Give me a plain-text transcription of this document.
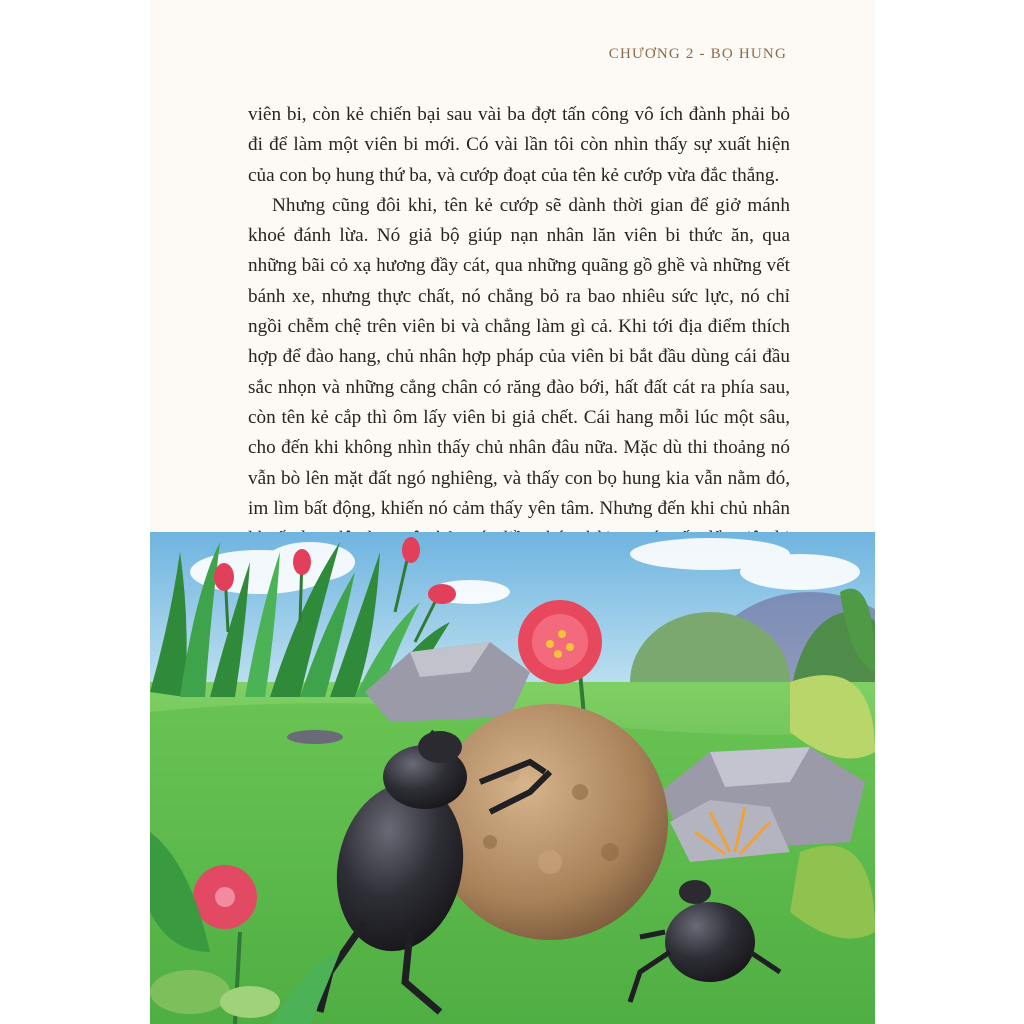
CHƯƠNG 2 - BỌ HUNG

viên bi, còn kẻ chiến bại sau vài ba đợt tấn công vô ích đành phải bỏ đi để làm một viên bi mới. Có vài lần tôi còn nhìn thấy sự xuất hiện của con bọ hung thứ ba, và cướp đoạt của tên kẻ cướp vừa đắc thắng.

Nhưng cũng đôi khi, tên kẻ cướp sẽ dành thời gian để giở mánh khoé đánh lừa. Nó giả bộ giúp nạn nhân lăn viên bi thức ăn, qua những bãi cỏ xạ hương đầy cát, qua những quãng gồ ghề và những vết bánh xe, nhưng thực chất, nó chẳng bỏ ra bao nhiêu sức lực, nó chỉ ngồi chễm chệ trên viên bi và chẳng làm gì cả. Khi tới địa điểm thích hợp để đào hang, chủ nhân hợp pháp của viên bi bắt đầu dùng cái đầu sắc nhọn và những cẳng chân có răng đào bới, hất đất cát ra phía sau, còn tên kẻ cắp thì ôm lấy viên bi giả chết. Cái hang mỗi lúc một sâu, cho đến khi không nhìn thấy chủ nhân đâu nữa. Mặc dù thi thoảng nó vẫn bò lên mặt đất ngó nghiêng, và thấy con bọ hung kia vẫn nằm đó, im lìm bất động, khiến nó cảm thấy yên tâm. Nhưng đến khi chủ nhân
